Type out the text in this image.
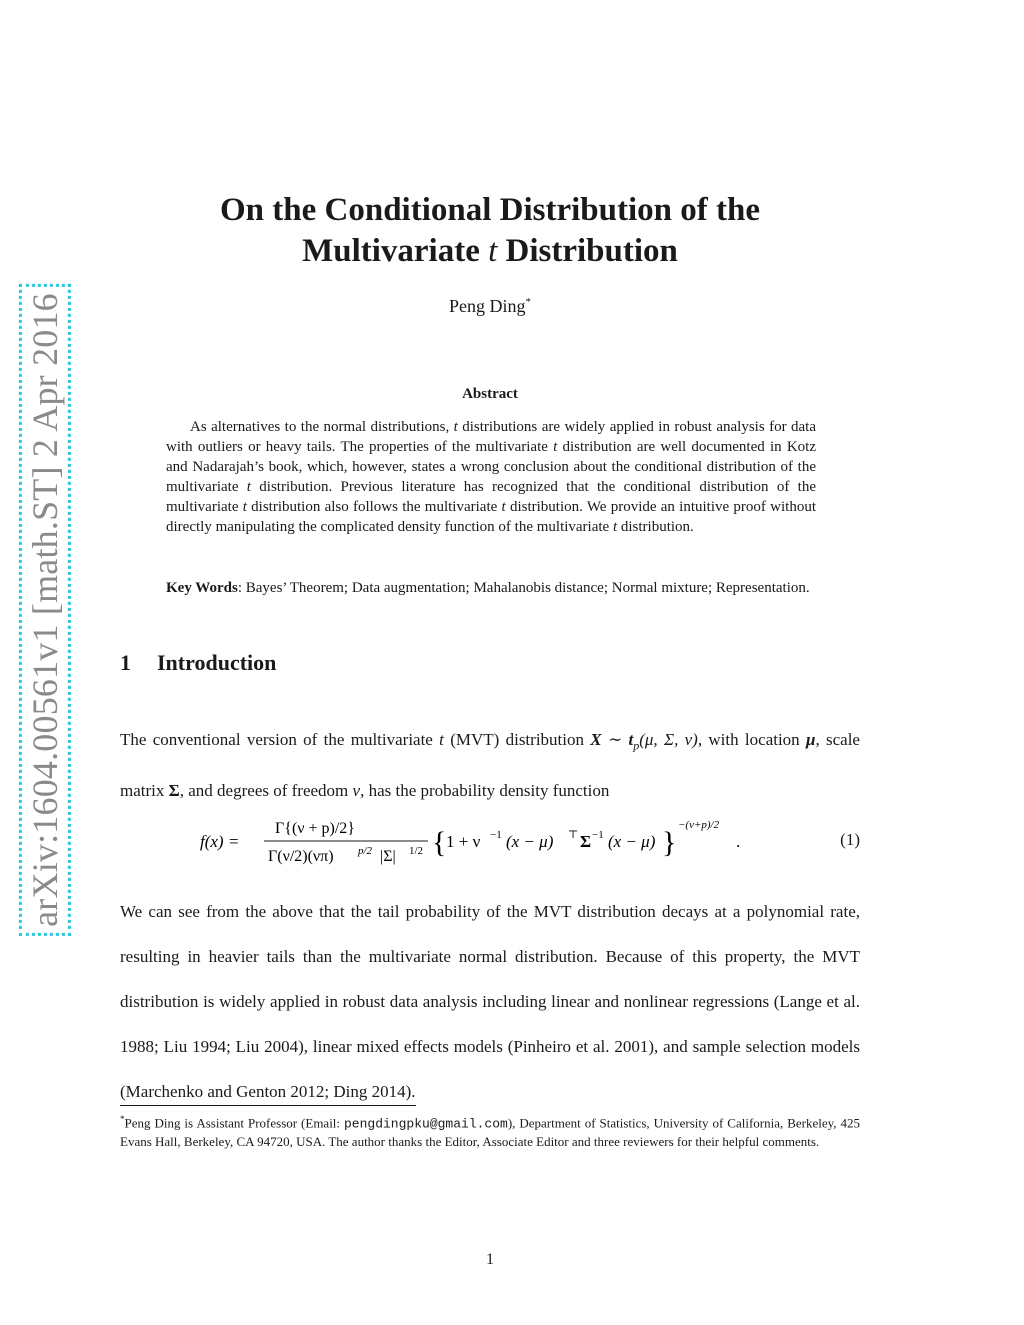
arXiv:1604.00561v1 [math.ST] 2 Apr 2016
On the Conditional Distribution of the
Multivariate t Distribution
Peng Ding*
Abstract

As alternatives to the normal distributions, t distributions are widely applied in robust analysis for data with outliers or heavy tails. The properties of the multivariate t distribution are well documented in Kotz and Nadarajah’s book, which, however, states a wrong conclusion about the conditional distribution of the multivariate t distribution. Previous literature has recognized that the conditional distribution of the multivariate t distribution also follows the multivariate t distribution. We provide an intuitive proof without directly manipulating the complicated density function of the multivariate t distribution.

Key Words: Bayes’ Theorem; Data augmentation; Mahalanobis distance; Normal mixture; Representation.

1 Introduction

The conventional version of the multivariate t (MVT) distribution X ∼ $t_p(\mu$, Σ, ν), with location μ, scale matrix Σ, and degrees of freedom ν, has the probability density function

f(x) =
Γ{(ν + p)/2}
Γ(ν/2)(νπ) p/2 |Σ| 1/2 { 1 + ν −1 (x − μ) ⊤ Σ −1 (x − μ) }
−(ν+p)/2
.	(1)

We can see from the above that the tail probability of the MVT distribution decays at a polynomial rate, resulting in heavier tails than the multivariate normal distribution. Because of this property, the MVT distribution is widely applied in robust data analysis including linear and nonlinear regressions (Lange et al. 1988; Liu 1994; Liu 2004), linear mixed effects models (Pinheiro et al. 2001), and sample selection models (Marchenko and Genton 2012; Ding 2014).

*Peng Ding is Assistant Professor (Email: pengdingpku@gmail.com), Department of Statistics, University of California, Berkeley, 425 Evans Hall, Berkeley, CA 94720, USA. The author thanks the Editor, Associate Editor and three reviewers for their helpful comments.

1
